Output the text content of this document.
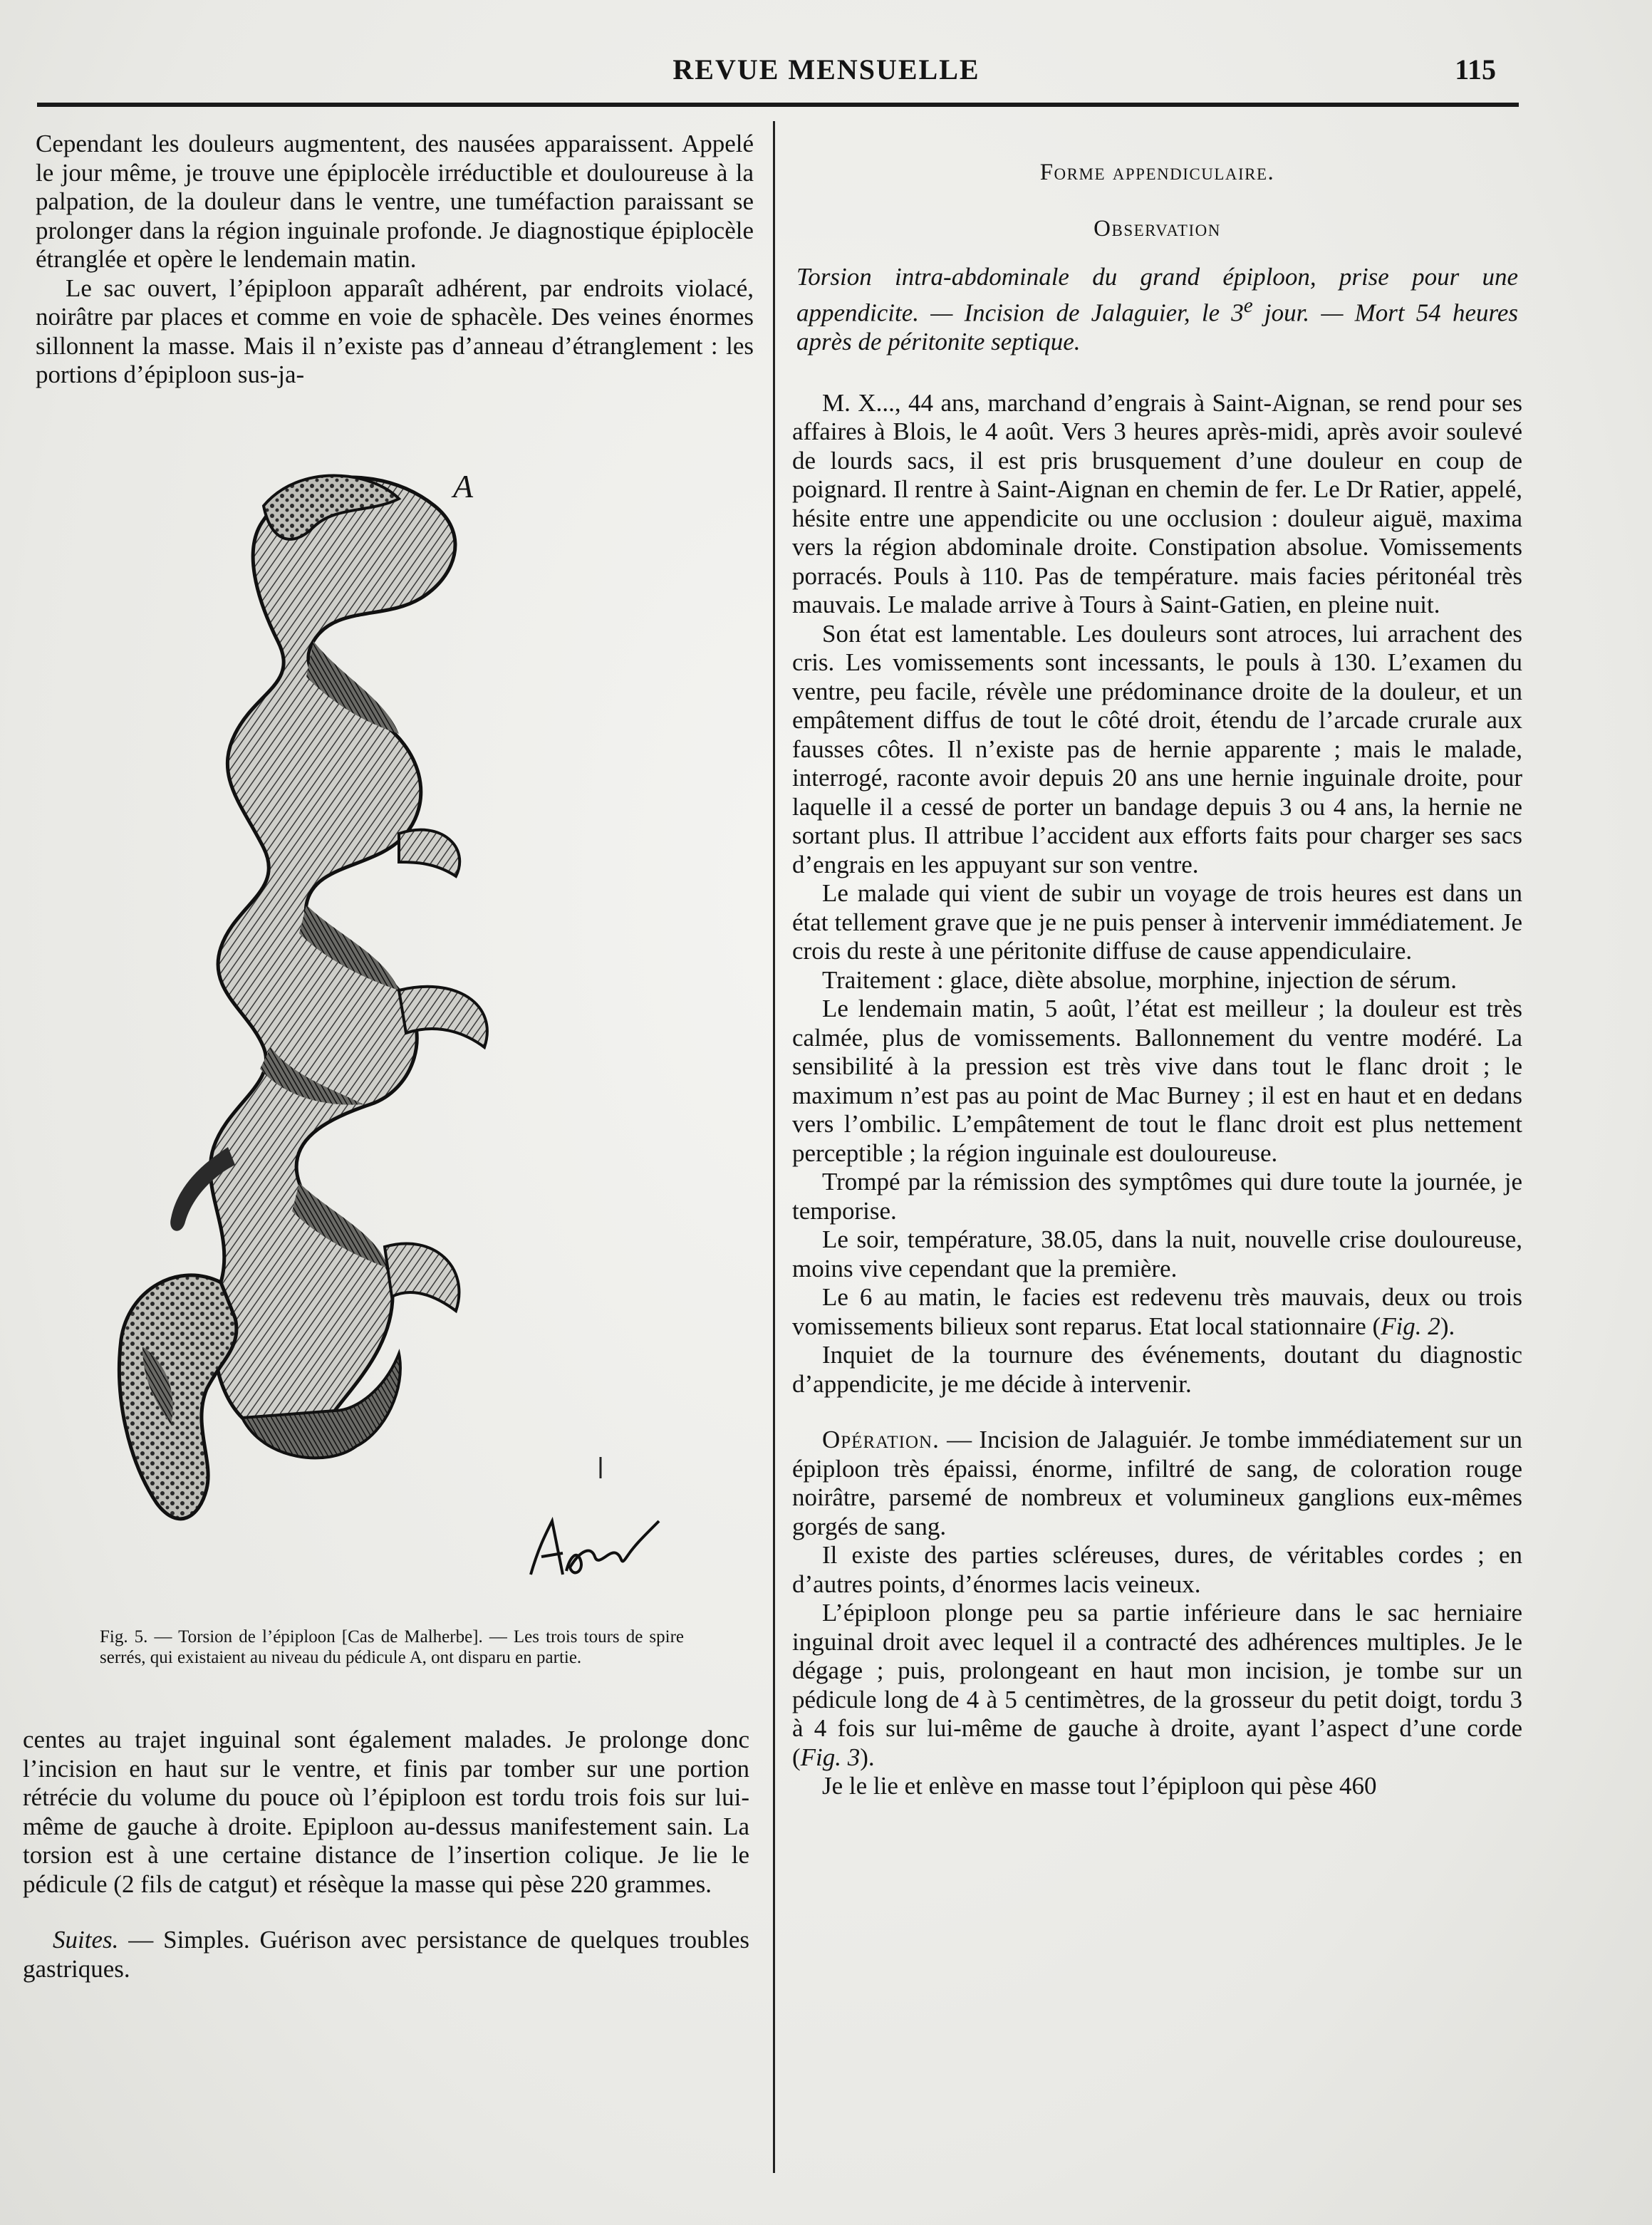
REVUE MENSUELLE	115

Cependant les douleurs augmentent, des nausées apparaissent. Appelé le jour même, je trouve une épiplocèle irréductible et douloureuse à la palpation, de la douleur dans le ventre, une tuméfaction paraissant se prolonger dans la région inguinale profonde. Je diagnostique épiplocèle étranglée et opère le lendemain matin.

Le sac ouvert, l’épiploon apparaît adhérent, par endroits violacé, noirâtre par places et comme en voie de sphacèle. Des veines énormes sillonnent la masse. Mais il n’existe pas d’anneau d’étranglement : les portions d’épiploon sus-ja-

A
Fig. 5. — Torsion de l’épiploon [Cas de Malherbe]. — Les trois tours de spire serrés, qui existaient au niveau du pédicule A, ont disparu en partie.

centes au trajet inguinal sont également malades. Je prolonge donc l’incision en haut sur le ventre, et finis par tomber sur une portion rétrécie du volume du pouce où l’épiploon est tordu trois fois sur lui-même de gauche à droite. Epiploon au-dessus manifestement sain. La torsion est à une certaine distance de l’insertion colique. Je lie le pédicule (2 fils de catgut) et résèque la masse qui pèse 220 grammes.

Suites. — Simples. Guérison avec persistance de quelques troubles gastriques.

Forme appendiculaire.
Observation
Torsion intra-abdominale du grand épiploon, prise pour une appendicite. — Incision de Jalaguier, le 3e jour. — Mort 54 heures après de péritonite septique.

M. X..., 44 ans, marchand d’engrais à Saint-Aignan, se rend pour ses affaires à Blois, le 4 août. Vers 3 heures après-midi, après avoir soulevé de lourds sacs, il est pris brusquement d’une douleur en coup de poignard. Il rentre à Saint-Aignan en chemin de fer. Le Dr Ratier, appelé, hésite entre une appendicite ou une occlusion : douleur aiguë, maxima vers la région abdominale droite. Constipation absolue. Vomissements porracés. Pouls à 110. Pas de température. mais facies péritonéal très mauvais. Le malade arrive à Tours à Saint-Gatien, en pleine nuit.

Son état est lamentable. Les douleurs sont atroces, lui arrachent des cris. Les vomissements sont incessants, le pouls à 130. L’examen du ventre, peu facile, révèle une prédominance droite de la douleur, et un empâtement diffus de tout le côté droit, étendu de l’arcade crurale aux fausses côtes. Il n’existe pas de hernie apparente ; mais le malade, interrogé, raconte avoir depuis 20 ans une hernie inguinale droite, pour laquelle il a cessé de porter un bandage depuis 3 ou 4 ans, la hernie ne sortant plus. Il attribue l’accident aux efforts faits pour charger ses sacs d’engrais en les appuyant sur son ventre.

Le malade qui vient de subir un voyage de trois heures est dans un état tellement grave que je ne puis penser à intervenir immédiatement. Je crois du reste à une péritonite diffuse de cause appendiculaire.

Traitement : glace, diète absolue, morphine, injection de sérum.

Le lendemain matin, 5 août, l’état est meilleur ; la douleur est très calmée, plus de vomissements. Ballonnement du ventre modéré. La sensibilité à la pression est très vive dans tout le flanc droit ; le maximum n’est pas au point de Mac Burney ; il est en haut et en dedans vers l’ombilic. L’empâtement de tout le flanc droit est plus nettement perceptible ; la région inguinale est douloureuse.

Trompé par la rémission des symptômes qui dure toute la journée, je temporise.

Le soir, température, 38.05, dans la nuit, nouvelle crise douloureuse, moins vive cependant que la première.

Le 6 au matin, le facies est redevenu très mauvais, deux ou trois vomissements bilieux sont reparus. Etat local stationnaire (Fig. 2).

Inquiet de la tournure des événements, doutant du diagnostic d’appendicite, je me décide à intervenir.

Opération. — Incision de Jalaguiér. Je tombe immédiatement sur un épiploon très épaissi, énorme, infiltré de sang, de coloration rouge noirâtre, parsemé de nombreux et volumineux ganglions eux-mêmes gorgés de sang.

Il existe des parties scléreuses, dures, de véritables cordes ; en d’autres points, d’énormes lacis veineux.

L’épiploon plonge peu sa partie inférieure dans le sac herniaire inguinal droit avec lequel il a contracté des adhérences multiples. Je le dégage ; puis, prolongeant en haut mon incision, je tombe sur un pédicule long de 4 à 5 centimètres, de la grosseur du petit doigt, tordu 3 à 4 fois sur lui-même de gauche à droite, ayant l’aspect d’une corde (Fig. 3).

Je le lie et enlève en masse tout l’épiploon qui pèse 460
